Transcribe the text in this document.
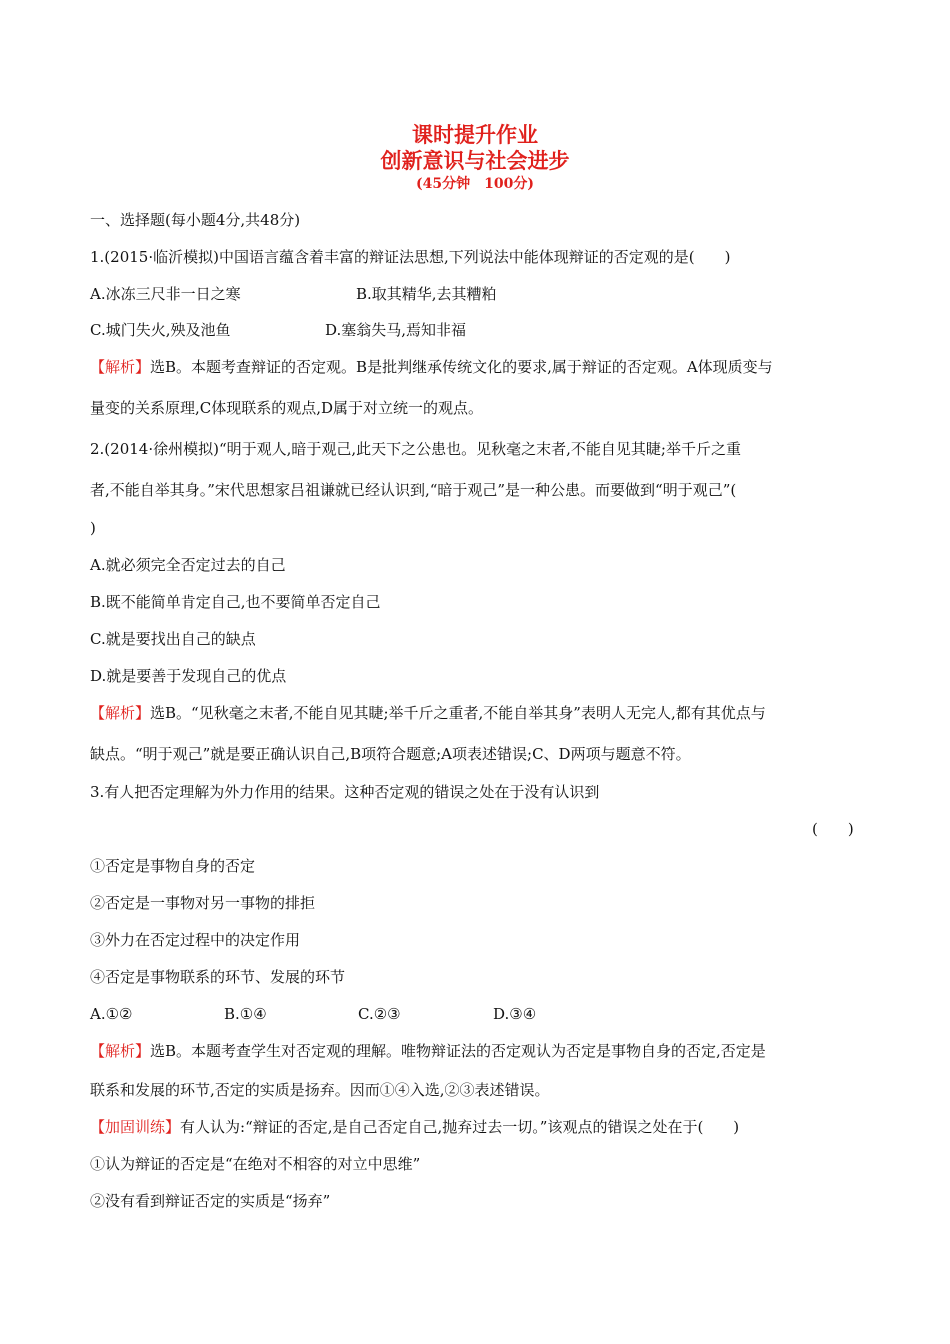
课时提升作业
创新意识与社会进步
(45分钟　100分)

一、选择题(每小题4分,共48分)

1.(2015·临沂模拟)中国语言蕴含着丰富的辩证法思想,下列说法中能体现辩证的否定观的是(　　)

A.冰冻三尺非一日之寒	B.取其精华,去其糟粕

C.城门失火,殃及池鱼	D.塞翁失马,焉知非福

【解析】选B。本题考查辩证的否定观。B是批判继承传统文化的要求,属于辩证的否定观。A体现质变与

量变的关系原理,C体现联系的观点,D属于对立统一的观点。

2.(2014·徐州模拟)“明于观人,暗于观己,此天下之公患也。见秋毫之末者,不能自见其睫;举千斤之重

者,不能自举其身。”宋代思想家吕祖谦就已经认识到,“暗于观己”是一种公患。而要做到“明于观己”(

)

A.就必须完全否定过去的自己

B.既不能简单肯定自己,也不要简单否定自己

C.就是要找出自己的缺点

D.就是要善于发现自己的优点

【解析】选B。“见秋毫之末者,不能自见其睫;举千斤之重者,不能自举其身”表明人无完人,都有其优点与

缺点。“明于观己”就是要正确认识自己,B项符合题意;A项表述错误;C、D两项与题意不符。

3.有人把否定理解为外力作用的结果。这种否定观的错误之处在于没有认识到

(　　)

①否定是事物自身的否定

②否定是一事物对另一事物的排拒

③外力在否定过程中的决定作用

④否定是事物联系的环节、发展的环节

A.①②	B.①④	C.②③	D.③④

【解析】选B。本题考查学生对否定观的理解。唯物辩证法的否定观认为否定是事物自身的否定,否定是

联系和发展的环节,否定的实质是扬弃。因而①④入选,②③表述错误。

【加固训练】有人认为:“辩证的否定,是自己否定自己,抛弃过去一切。”该观点的错误之处在于(　　)

①认为辩证的否定是“在绝对不相容的对立中思维”

②没有看到辩证否定的实质是“扬弃”
